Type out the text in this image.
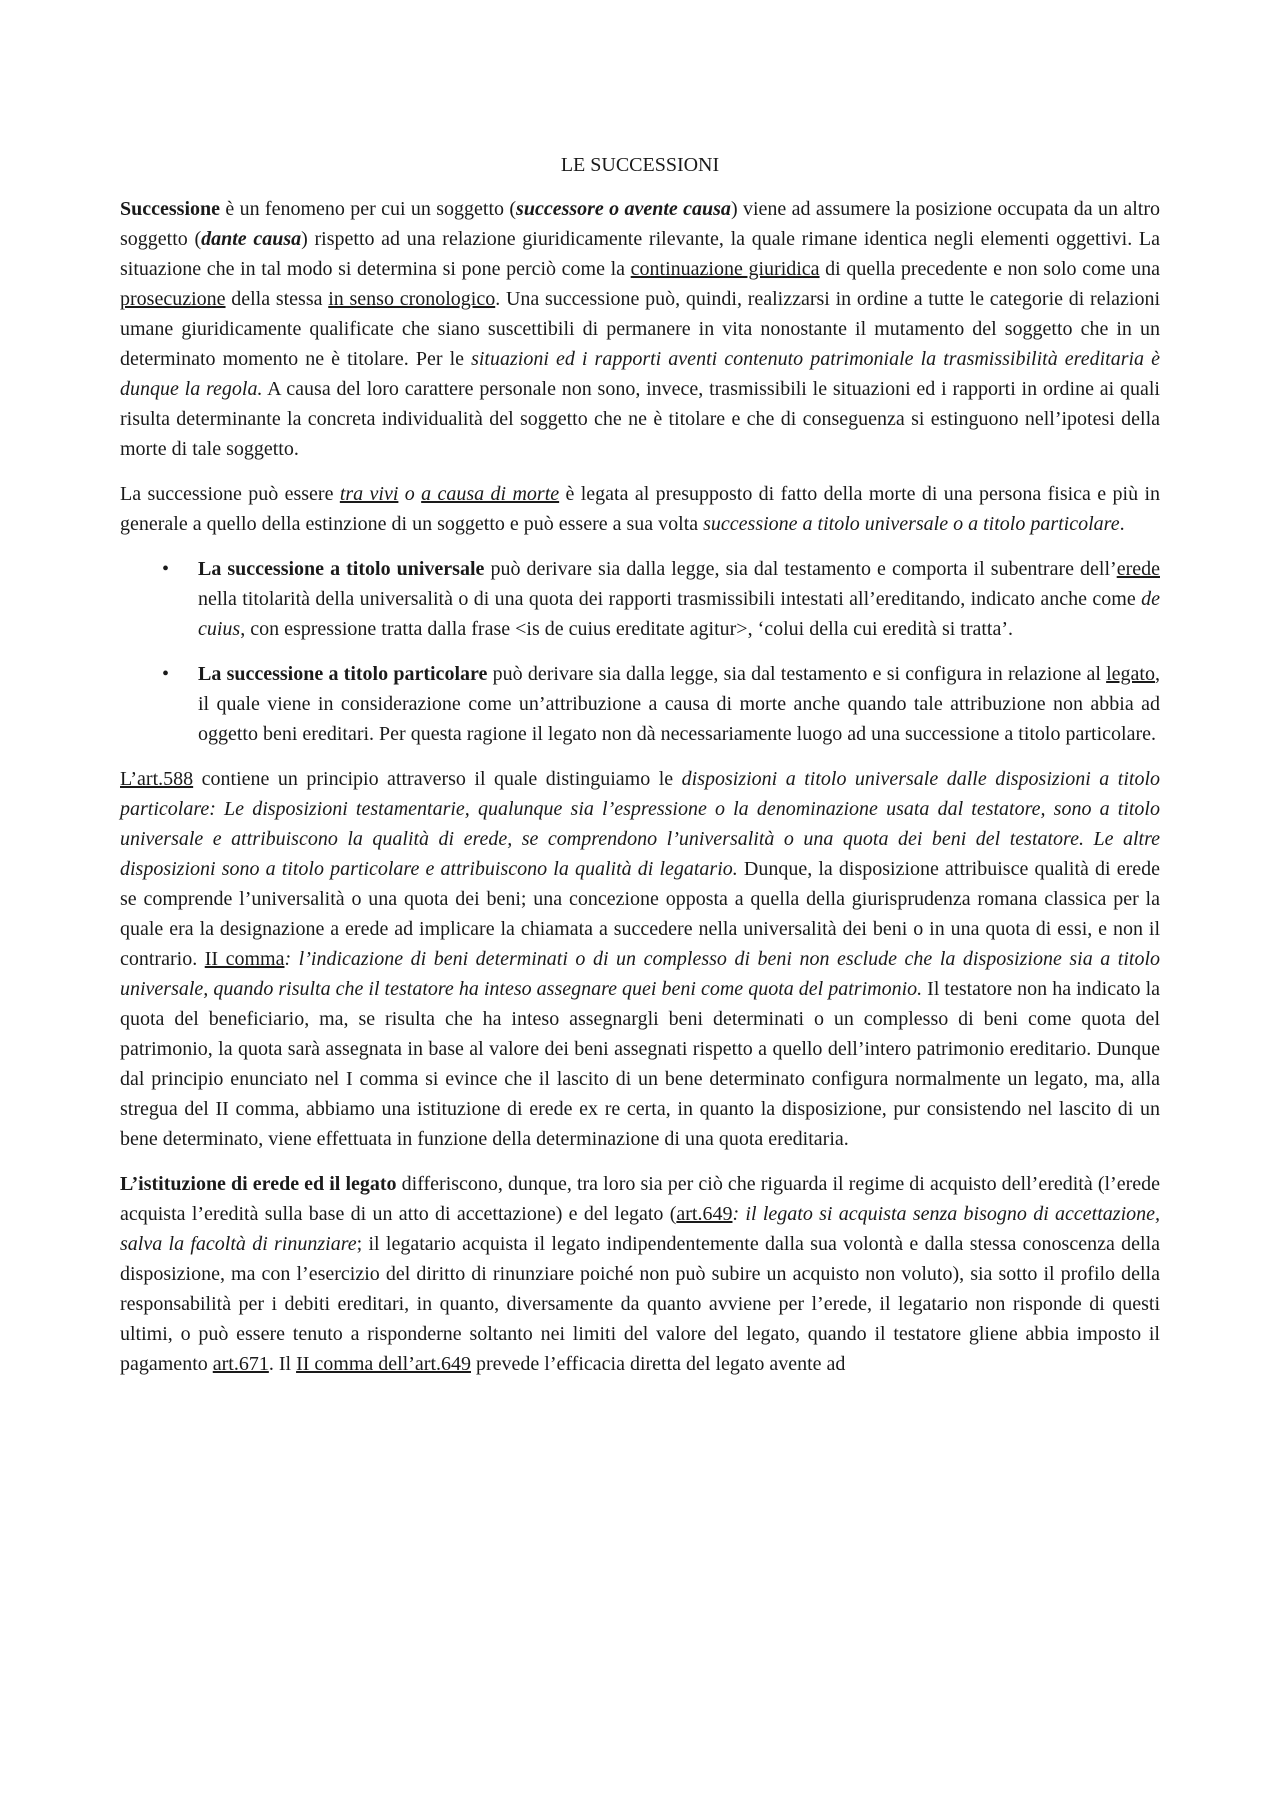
LE SUCCESSIONI

Successione è un fenomeno per cui un soggetto (successore o avente causa) viene ad assumere la posizione occupata da un altro soggetto (dante causa) rispetto ad una relazione giuridicamente rilevante, la quale rimane identica negli elementi oggettivi. La situazione che in tal modo si determina si pone perciò come la continuazione giuridica di quella precedente e non solo come una prosecuzione della stessa in senso cronologico. Una successione può, quindi, realizzarsi in ordine a tutte le categorie di relazioni umane giuridicamente qualificate che siano suscettibili di permanere in vita nonostante il mutamento del soggetto che in un determinato momento ne è titolare. Per le situazioni ed i rapporti aventi contenuto patrimoniale la trasmissibilità ereditaria è dunque la regola. A causa del loro carattere personale non sono, invece, trasmissibili le situazioni ed i rapporti in ordine ai quali risulta determinante la concreta individualità del soggetto che ne è titolare e che di conseguenza si estinguono nell’ipotesi della morte di tale soggetto.

La successione può essere tra vivi o a causa di morte è legata al presupposto di fatto della morte di una persona fisica e più in generale a quello della estinzione di un soggetto e può essere a sua volta successione a titolo universale o a titolo particolare.

• La successione a titolo universale può derivare sia dalla legge, sia dal testamento e comporta il subentrare dell’erede nella titolarità della universalità o di una quota dei rapporti trasmissibili intestati all’ereditando, indicato anche come de cuius, con espressione tratta dalla frase <is de cuius ereditate agitur>, ‘colui della cui eredità si tratta’.
• La successione a titolo particolare può derivare sia dalla legge, sia dal testamento e si configura in relazione al legato, il quale viene in considerazione come un’attribuzione a causa di morte anche quando tale attribuzione non abbia ad oggetto beni ereditari. Per questa ragione il legato non dà necessariamente luogo ad una successione a titolo particolare.

L’art.588 contiene un principio attraverso il quale distinguiamo le disposizioni a titolo universale dalle disposizioni a titolo particolare: Le disposizioni testamentarie, qualunque sia l’espressione o la denominazione usata dal testatore, sono a titolo universale e attribuiscono la qualità di erede, se comprendono l’universalità o una quota dei beni del testatore. Le altre disposizioni sono a titolo particolare e attribuiscono la qualità di legatario. Dunque, la disposizione attribuisce qualità di erede se comprende l’universalità o una quota dei beni; una concezione opposta a quella della giurisprudenza romana classica per la quale era la designazione a erede ad implicare la chiamata a succedere nella universalità dei beni o in una quota di essi, e non il contrario. II comma: l’indicazione di beni determinati o di un complesso di beni non esclude che la disposizione sia a titolo universale, quando risulta che il testatore ha inteso assegnare quei beni come quota del patrimonio. Il testatore non ha indicato la quota del beneficiario, ma, se risulta che ha inteso assegnargli beni determinati o un complesso di beni come quota del patrimonio, la quota sarà assegnata in base al valore dei beni assegnati rispetto a quello dell’intero patrimonio ereditario. Dunque dal principio enunciato nel I comma si evince che il lascito di un bene determinato configura normalmente un legato, ma, alla stregua del II comma, abbiamo una istituzione di erede ex re certa, in quanto la disposizione, pur consistendo nel lascito di un bene determinato, viene effettuata in funzione della determinazione di una quota ereditaria.

L’istituzione di erede ed il legato differiscono, dunque, tra loro sia per ciò che riguarda il regime di acquisto dell’eredità (l’erede acquista l’eredità sulla base di un atto di accettazione) e del legato (art.649: il legato si acquista senza bisogno di accettazione, salva la facoltà di rinunziare; il legatario acquista il legato indipendentemente dalla sua volontà e dalla stessa conoscenza della disposizione, ma con l’esercizio del diritto di rinunziare poiché non può subire un acquisto non voluto), sia sotto il profilo della responsabilità per i debiti ereditari, in quanto, diversamente da quanto avviene per l’erede, il legatario non risponde di questi ultimi, o può essere tenuto a risponderne soltanto nei limiti del valore del legato, quando il testatore gliene abbia imposto il pagamento art.671. Il II comma dell’art.649 prevede l’efficacia diretta del legato avente ad
